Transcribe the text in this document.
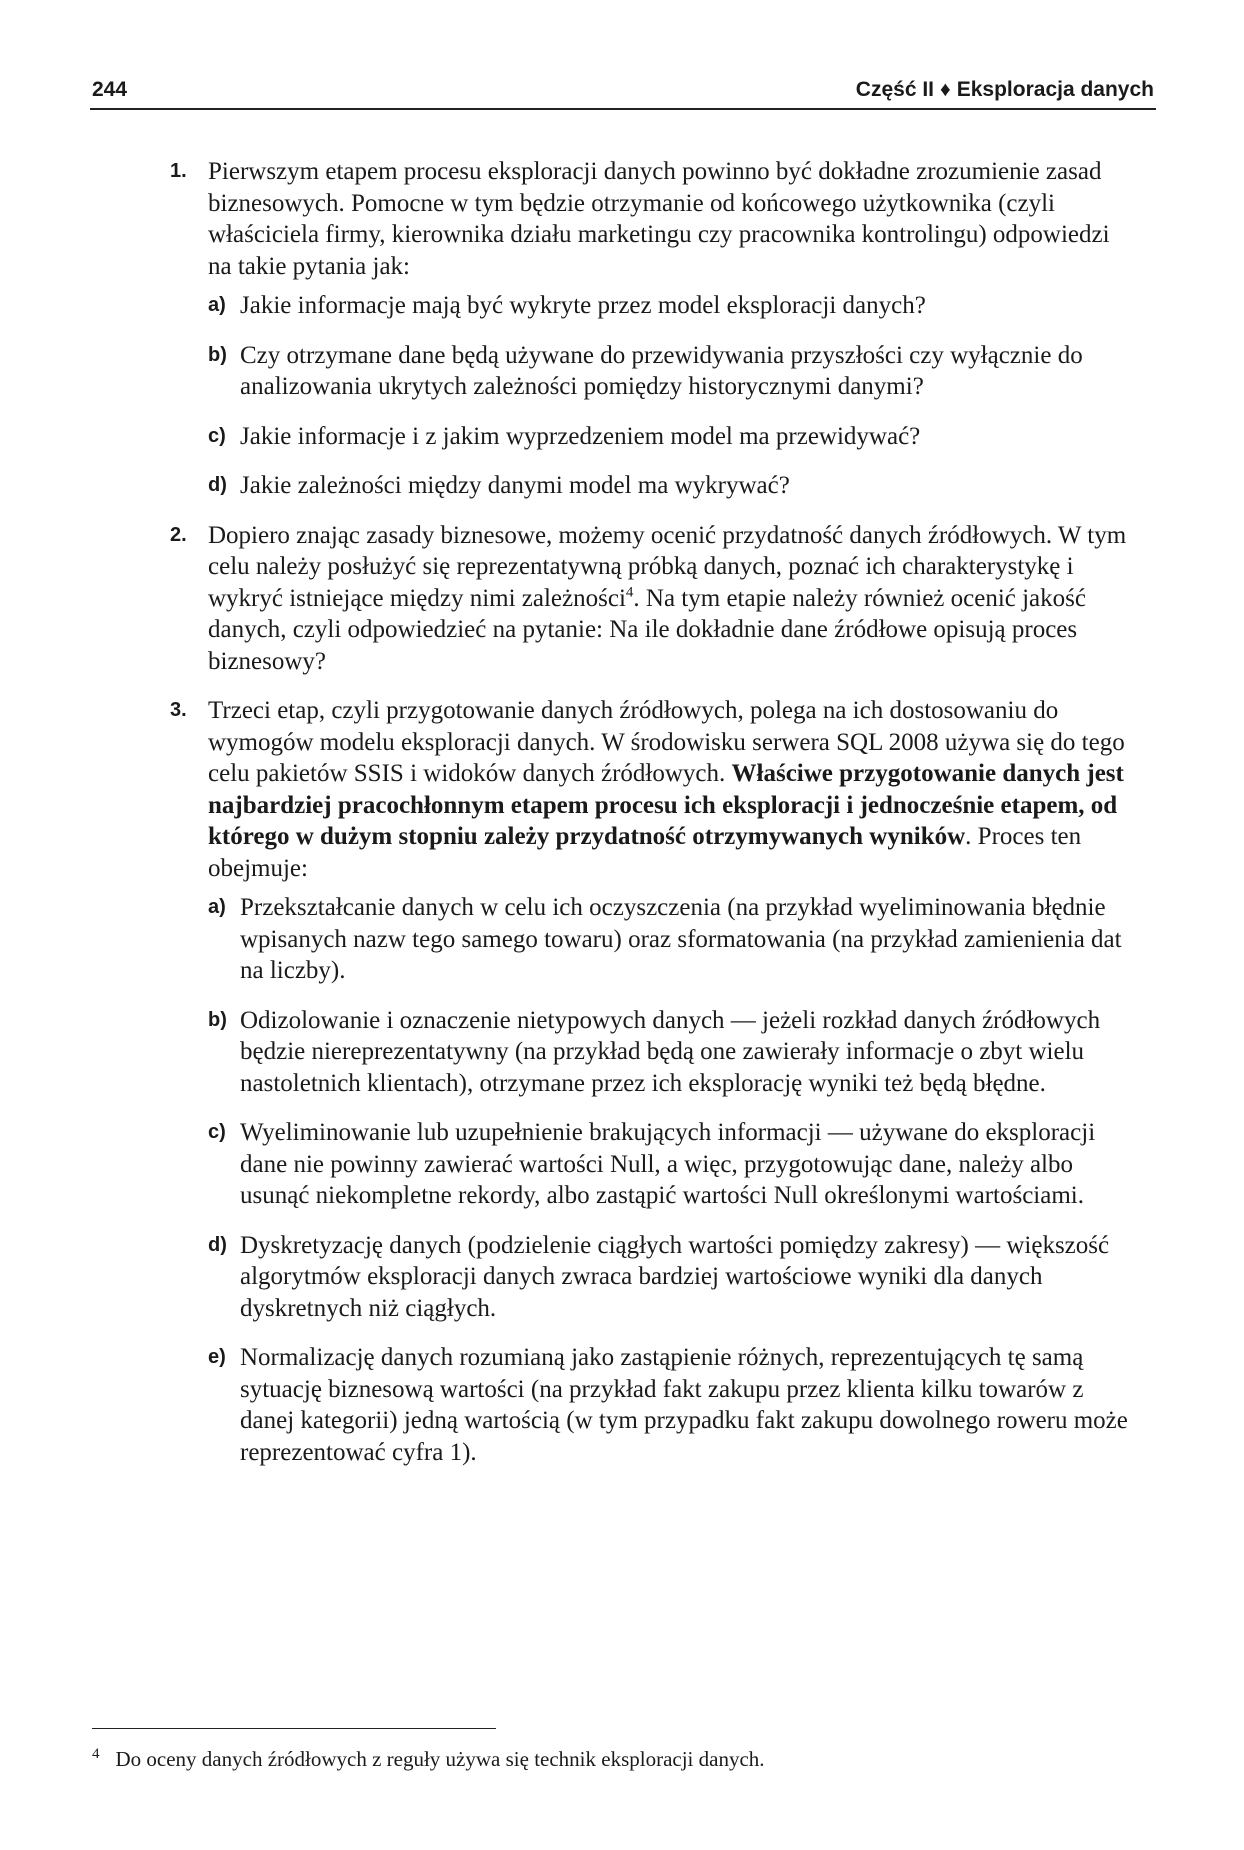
244	Część II ♦ Eksploracja danych
1. Pierwszym etapem procesu eksploracji danych powinno być dokładne zrozumienie zasad biznesowych. Pomocne w tym będzie otrzymanie od końcowego użytkownika (czyli właściciela firmy, kierownika działu marketingu czy pracownika kontrolingu) odpowiedzi na takie pytania jak:

a) Jakie informacje mają być wykryte przez model eksploracji danych?

b) Czy otrzymane dane będą używane do przewidywania przyszłości czy wyłącznie do analizowania ukrytych zależności pomiędzy historycznymi danymi?

c) Jakie informacje i z jakim wyprzedzeniem model ma przewidywać?

d) Jakie zależności między danymi model ma wykrywać?

2. Dopiero znając zasady biznesowe, możemy ocenić przydatność danych źródłowych. W tym celu należy posłużyć się reprezentatywną próbką danych, poznać ich charakterystykę i wykryć istniejące między nimi zależności$^4$. Na tym etapie należy również ocenić jakość danych, czyli odpowiedzieć na pytanie: Na ile dokładnie dane źródłowe opisują proces biznesowy?

3. Trzeci etap, czyli przygotowanie danych źródłowych, polega na ich dostosowaniu do wymogów modelu eksploracji danych. W środowisku serwera SQL 2008 używa się do tego celu pakietów SSIS i widoków danych źródłowych. Właściwe przygotowanie danych jest najbardziej pracochłonnym etapem procesu ich eksploracji i jednocześnie etapem, od którego w dużym stopniu zależy przydatność otrzymywanych wyników. Proces ten obejmuje:

a) Przekształcanie danych w celu ich oczyszczenia (na przykład wyeliminowania błędnie wpisanych nazw tego samego towaru) oraz sformatowania (na przykład zamienienia dat na liczby).

b) Odizolowanie i oznaczenie nietypowych danych — jeżeli rozkład danych źródłowych będzie niereprezentatywny (na przykład będą one zawierały informacje o zbyt wielu nastoletnich klientach), otrzymane przez ich eksplorację wyniki też będą błędne.

c) Wyeliminowanie lub uzupełnienie brakujących informacji — używane do eksploracji dane nie powinny zawierać wartości Null, a więc, przygotowując dane, należy albo usunąć niekompletne rekordy, albo zastąpić wartości Null określonymi wartościami.

d) Dyskretyzację danych (podzielenie ciągłych wartości pomiędzy zakresy) — większość algorytmów eksploracji danych zwraca bardziej wartościowe wyniki dla danych dyskretnych niż ciągłych.

e) Normalizację danych rozumianą jako zastąpienie różnych, reprezentujących tę samą sytuację biznesową wartości (na przykład fakt zakupu przez klienta kilku towarów z danej kategorii) jedną wartością (w tym przypadku fakt zakupu dowolnego roweru może reprezentować cyfra 1).

$^4$ Do oceny danych źródłowych z reguły używa się technik eksploracji danych.
